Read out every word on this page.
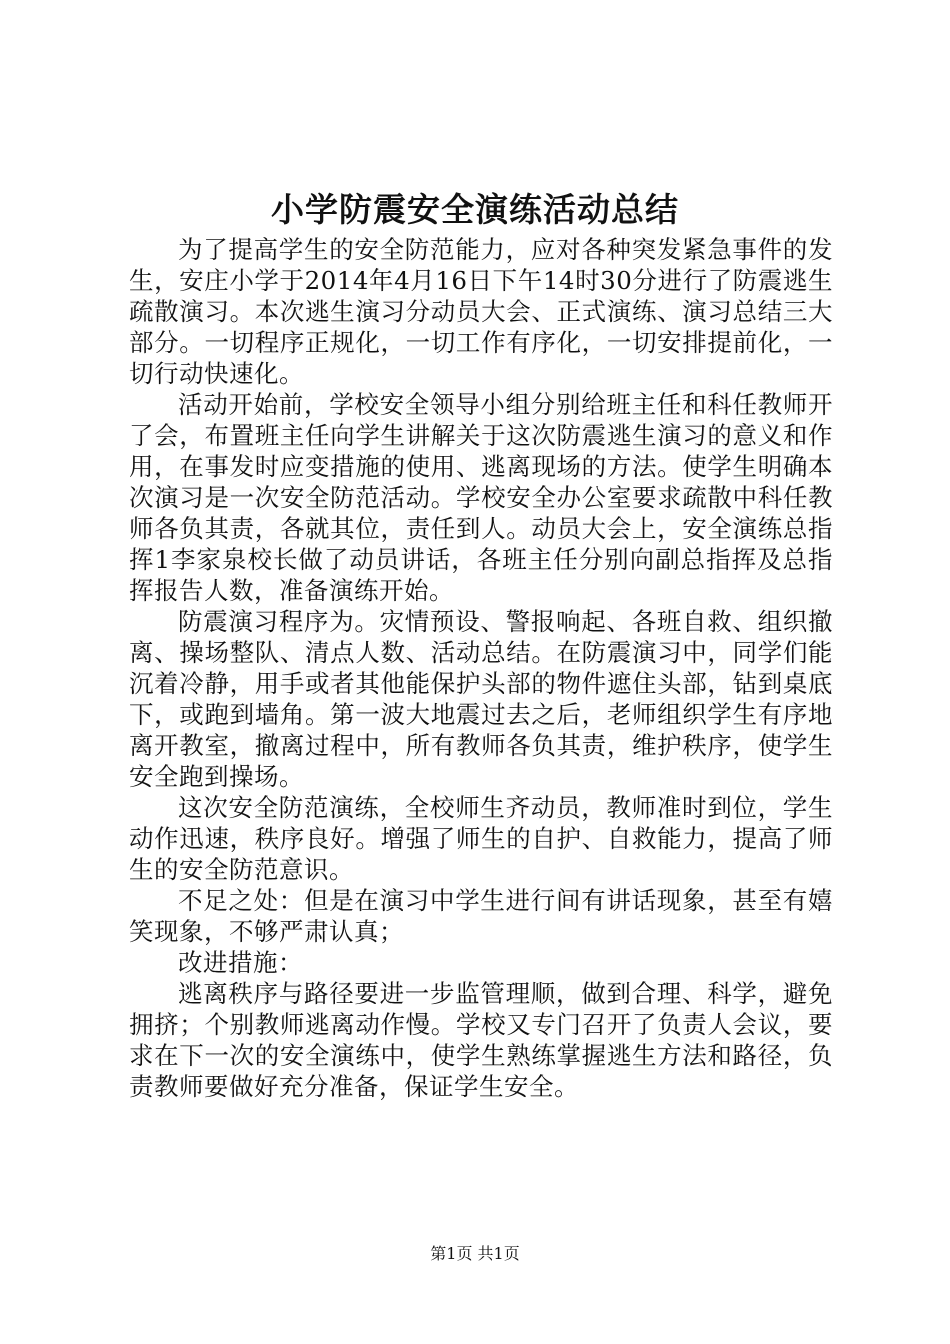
小学防震安全演练活动总结

为了提高学生的安全防范能力，应对各种突发紧急事件的发生，安庄小学于2014年4月16日下午14时30分进行了防震逃生疏散演习。本次逃生演习分动员大会、正式演练、演习总结三大部分。一切程序正规化，一切工作有序化，一切安排提前化，一切行动快速化。

活动开始前，学校安全领导小组分别给班主任和科任教师开了会，布置班主任向学生讲解关于这次防震逃生演习的意义和作用，在事发时应变措施的使用、逃离现场的方法。使学生明确本次演习是一次安全防范活动。学校安全办公室要求疏散中科任教师各负其责，各就其位，责任到人。动员大会上，安全演练总指挥1李家泉校长做了动员讲话，各班主任分别向副总指挥及总指挥报告人数，准备演练开始。

防震演习程序为。灾情预设、警报响起、各班自救、组织撤离、操场整队、清点人数、活动总结。在防震演习中，同学们能沉着冷静，用手或者其他能保护头部的物件遮住头部，钻到桌底下，或跑到墙角。第一波大地震过去之后，老师组织学生有序地离开教室，撤离过程中，所有教师各负其责，维护秩序，使学生安全跑到操场。

这次安全防范演练，全校师生齐动员，教师准时到位，学生动作迅速，秩序良好。增强了师生的自护、自救能力，提高了师生的安全防范意识。

不足之处：但是在演习中学生进行间有讲话现象，甚至有嬉笑现象，不够严肃认真；

改进措施：

逃离秩序与路径要进一步监管理顺，做到合理、科学，避免拥挤；个别教师逃离动作慢。学校又专门召开了负责人会议，要求在下一次的安全演练中，使学生熟练掌握逃生方法和路径，负责教师要做好充分准备，保证学生安全。

第1页 共1页
